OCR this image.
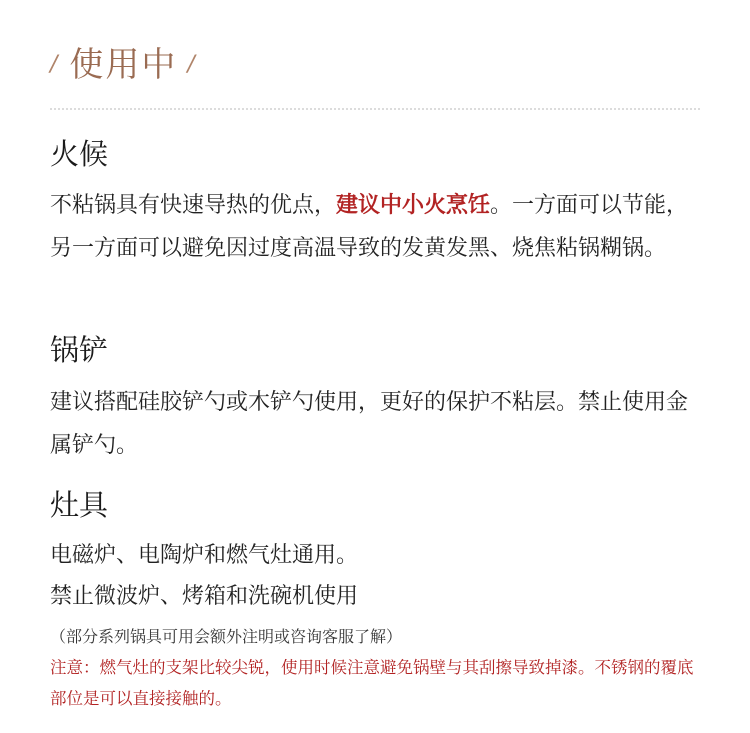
/ 使用中 /
火候

不粘锅具有快速导热的优点，建议中小火烹饪。一方面可以节能，另一方面可以避免因过度高温导致的发黄发黑、烧焦粘锅糊锅。

锅铲

建议搭配硅胶铲勺或木铲勺使用，更好的保护不粘层。禁止使用金属铲勺。

灶具

电磁炉、电陶炉和燃气灶通用。

禁止微波炉、烤箱和洗碗机使用（部分系列锅具可用会额外注明或咨询客服了解）

注意：燃气灶的支架比较尖锐，使用时候注意避免锅壁与其刮擦导致掉漆。不锈钢的覆底部位是可以直接接触的。
